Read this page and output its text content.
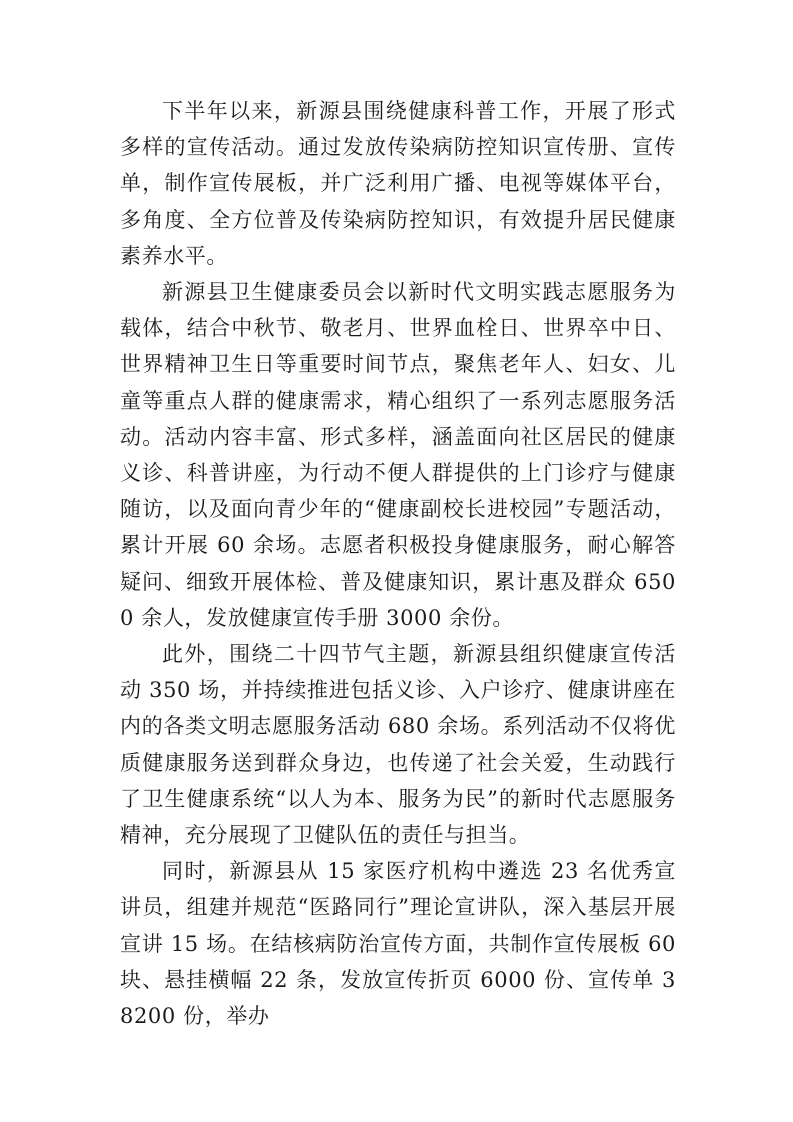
下半年以来，新源县围绕健康科普工作，开展了形式多样的宣传活动。通过发放传染病防控知识宣传册、宣传单，制作宣传展板，并广泛利用广播、电视等媒体平台，多角度、全方位普及传染病防控知识，有效提升居民健康素养水平。

新源县卫生健康委员会以新时代文明实践志愿服务为载体，结合中秋节、敬老月、世界血栓日、世界卒中日、世界精神卫生日等重要时间节点，聚焦老年人、妇女、儿童等重点人群的健康需求，精心组织了一系列志愿服务活动。活动内容丰富、形式多样，涵盖面向社区居民的健康义诊、科普讲座，为行动不便人群提供的上门诊疗与健康随访，以及面向青少年的“健康副校长进校园”专题活动，累计开展 60 余场。志愿者积极投身健康服务，耐心解答疑问、细致开展体检、普及健康知识，累计惠及群众 6500 余人，发放健康宣传手册 3000 余份。

此外，围绕二十四节气主题，新源县组织健康宣传活动 350 场，并持续推进包括义诊、入户诊疗、健康讲座在内的各类文明志愿服务活动 680 余场。系列活动不仅将优质健康服务送到群众身边，也传递了社会关爱，生动践行了卫生健康系统“以人为本、服务为民”的新时代志愿服务精神，充分展现了卫健队伍的责任与担当。

同时，新源县从 15 家医疗机构中遴选 23 名优秀宣讲员，组建并规范“医路同行”理论宣讲队，深入基层开展宣讲 15 场。在结核病防治宣传方面，共制作宣传展板 60 块、悬挂横幅 22 条，发放宣传折页 6000 份、宣传单 38200 份，举办
